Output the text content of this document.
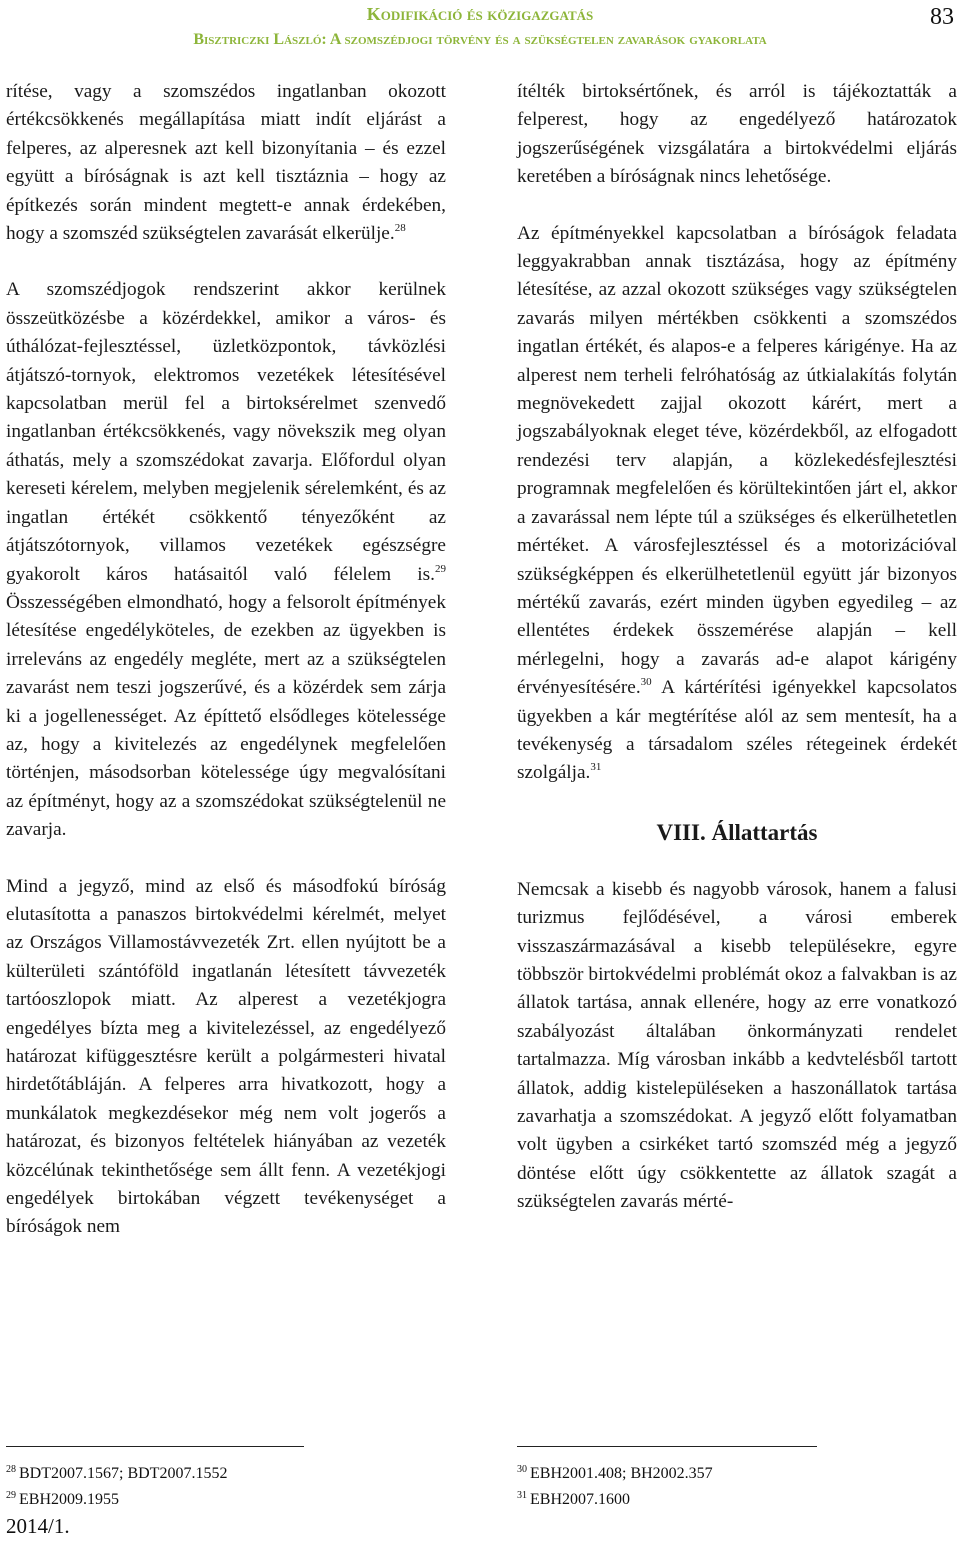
Kodifikáció és közigazgatás
Bisztriczki László: A szomszédjogi törvény és a szükségtelen zavarások gyakorlata
83

rítése, vagy a szomszédos ingatlanban okozott értékcsökkenés megállapítása miatt indít eljárást a felperes, az alperesnek azt kell bizonyítania – és ezzel együtt a bíróságnak is azt kell tisztáznia – hogy az építkezés során mindent megtett-e annak érdekében, hogy a szomszéd szükségtelen zavarását elkerülje.$^{28}$

A szomszédjogok rendszerint akkor kerülnek összeütközésbe a közérdekkel, amikor a város- és úthálózat-fejlesztéssel, üzletközpontok, távközlési átjátszó-tornyok, elektromos vezetékek létesítésével kapcsolatban merül fel a birtoksérelmet szenvedő ingatlanban értékcsökkenés, vagy növekszik meg olyan áthatás, mely a szomszédokat zavarja. Előfordul olyan kereseti kérelem, melyben megjelenik sérelemként, és az ingatlan értékét csökkentő tényezőként az átjátszótornyok, villamos vezetékek egészségre gyakorolt káros hatásaitól való félelem is.$^{29}$ Összességében elmondható, hogy a felsorolt építmények létesítése engedélyköteles, de ezekben az ügyekben is irreleváns az engedély megléte, mert az a szükségtelen zavarást nem teszi jogszerűvé, és a közérdek sem zárja ki a jogellenességet. Az építtető elsődleges kötelessége az, hogy a kivitelezés az engedélynek megfelelően történjen, másodsorban kötelessége úgy megvalósítani az építményt, hogy az a szomszédokat szükségtelenül ne zavarja.

Mind a jegyző, mind az első és másodfokú bíróság elutasította a panaszos birtokvédelmi kérelmét, melyet az Országos Villamostávvezeték Zrt. ellen nyújtott be a külterületi szántóföld ingatlanán létesített távvezeték tartóoszlopok miatt. Az alperest a vezetékjogra engedélyes bízta meg a kivitelezéssel, az engedélyező határozat kifüggesztésre került a polgármesteri hivatal hirdetőtábláján. A felperes arra hivatkozott, hogy a munkálatok megkezdésekor még nem volt jogerős a határozat, és bizonyos feltételek hiányában az vezeték közcélúnak tekinthetősége sem állt fenn. A vezetékjogi engedélyek birtokában végzett tevékenységet a bíróságok nem

ítélték birtoksértőnek, és arról is tájékoztatták a felperest, hogy az engedélyező határozatok jogszerűségének vizsgálatára a birtokvédelmi eljárás keretében a bíróságnak nincs lehetősége.

Az építményekkel kapcsolatban a bíróságok feladata leggyakrabban annak tisztázása, hogy az építmény létesítése, az azzal okozott szükséges vagy szükségtelen zavarás milyen mértékben csökkenti a szomszédos ingatlan értékét, és alapos-e a felperes kárigénye. Ha az alperest nem terheli felróhatóság az útkialakítás folytán megnövekedett zajjal okozott kárért, mert a jogszabályoknak eleget téve, közérdekből, az elfogadott rendezési terv alapján, a közlekedésfejlesztési programnak megfelelően és körültekintően járt el, akkor a zavarással nem lépte túl a szükséges és elkerülhetetlen mértéket. A városfejlesztéssel és a motorizációval szükségképpen és elkerülhetetlenül együtt jár bizonyos mértékű zavarás, ezért minden ügyben egyedileg – az ellentétes érdekek összemérése alapján – kell mérlegelni, hogy a zavarás ad-e alapot kárigény érvényesítésére.$^{30}$ A kártérítési igényekkel kapcsolatos ügyekben a kár megtérítése alól az sem mentesít, ha a tevékenység a társadalom széles rétegeinek érdekét szolgálja.$^{31}$

VIII. Állattartás

Nemcsak a kisebb és nagyobb városok, hanem a falusi turizmus fejlődésével, a városi emberek visszaszármazásával a kisebb településekre, egyre többször birtokvédelmi problémát okoz a falvakban is az állatok tartása, annak ellenére, hogy az erre vonatkozó szabályozást általában önkormányzati rendelet tartalmazza. Míg városban inkább a kedvtelésből tartott állatok, addig kistelepüléseken a haszonállatok tartása zavarhatja a szomszédokat. A jegyző előtt folyamatban volt ügyben a csirkéket tartó szomszéd még a jegyző döntése előtt úgy csökkentette az állatok szagát a szükségtelen zavarás mérté-

$^{28}$ BDT2007.1567; BDT2007.1552
$^{29}$ EBH2009.1955
$^{30}$ EBH2001.408; BH2002.357
$^{31}$ EBH2007.1600
2014/1.
